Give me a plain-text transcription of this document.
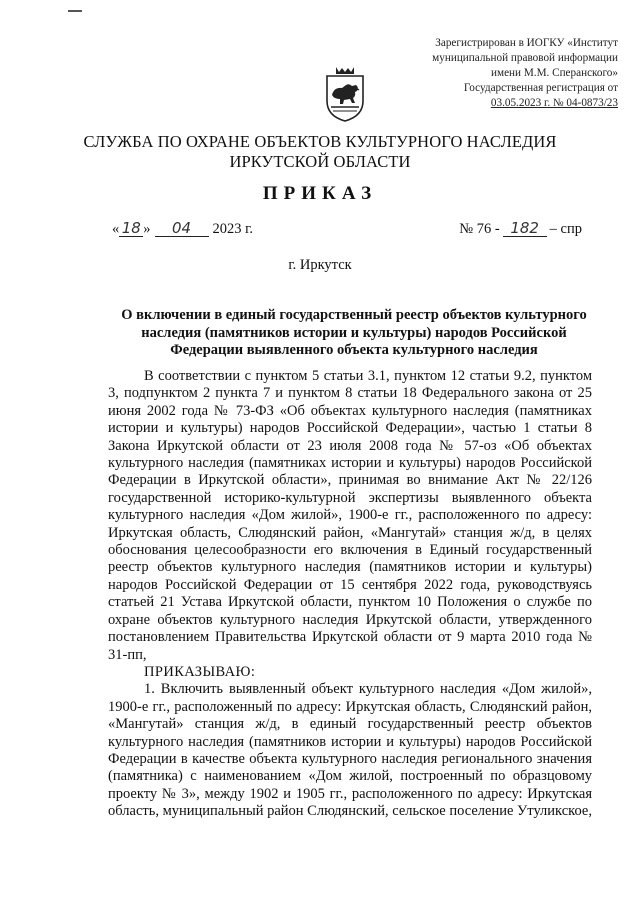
Зарегистрирован в ИОГКУ «Институт
муниципальной правовой информации
имени М.М. Сперанского»
Государственная регистрация от
03.05.2023 г. № 04-0873/23
СЛУЖБА ПО ОХРАНЕ ОБЪЕКТОВ КУЛЬТУРНОГО НАСЛЕДИЯ
ИРКУТСКОЙ ОБЛАСТИ
ПРИКАЗ
« 18 » 04 2023 г.	№ 76 - 182 – спр
г. Иркутск
О включении в единый государственный реестр объектов культурного
наследия (памятников истории и культуры) народов Российской
Федерации выявленного объекта культурного наследия

В соответствии с пунктом 5 статьи 3.1, пунктом 12 статьи 9.2, пунктом 3, подпунктом 2 пункта 7 и пунктом 8 статьи 18 Федерального закона от 25 июня 2002 года № 73-ФЗ «Об объектах культурного наследия (памятниках истории и культуры) народов Российской Федерации», частью 1 статьи 8 Закона Иркутской области от 23 июля 2008 года № 57-оз «Об объектах культурного наследия (памятниках истории и культуры) народов Российской Федерации в Иркутской области», принимая во внимание Акт № 22/126 государственной историко-культурной экспертизы выявленного объекта культурного наследия «Дом жилой», 1900-е гг., расположенного по адресу: Иркутская область, Слюдянский район, «Мангутай» станция ж/д, в целях обоснования целесообразности его включения в Единый государственный реестр объектов культурного наследия (памятников истории и культуры) народов Российской Федерации от 15 сентября 2022 года, руководствуясь статьей 21 Устава Иркутской области, пунктом 10 Положения о службе по охране объектов культурного наследия Иркутской области, утвержденного постановлением Правительства Иркутской области от 9 марта 2010 года № 31-пп,

ПРИКАЗЫВАЮ:

1. Включить выявленный объект культурного наследия «Дом жилой», 1900-е гг., расположенный по адресу: Иркутская область, Слюдянский район, «Мангутай» станция ж/д, в единый государственный реестр объектов культурного наследия (памятников истории и культуры) народов Российской Федерации в качестве объекта культурного наследия регионального значения (памятника) с наименованием «Дом жилой, построенный по образцовому проекту № 3», между 1902 и 1905 гг., расположенного по адресу: Иркутская область, муниципальный район Слюдянский, сельское поселение Утуликское,
